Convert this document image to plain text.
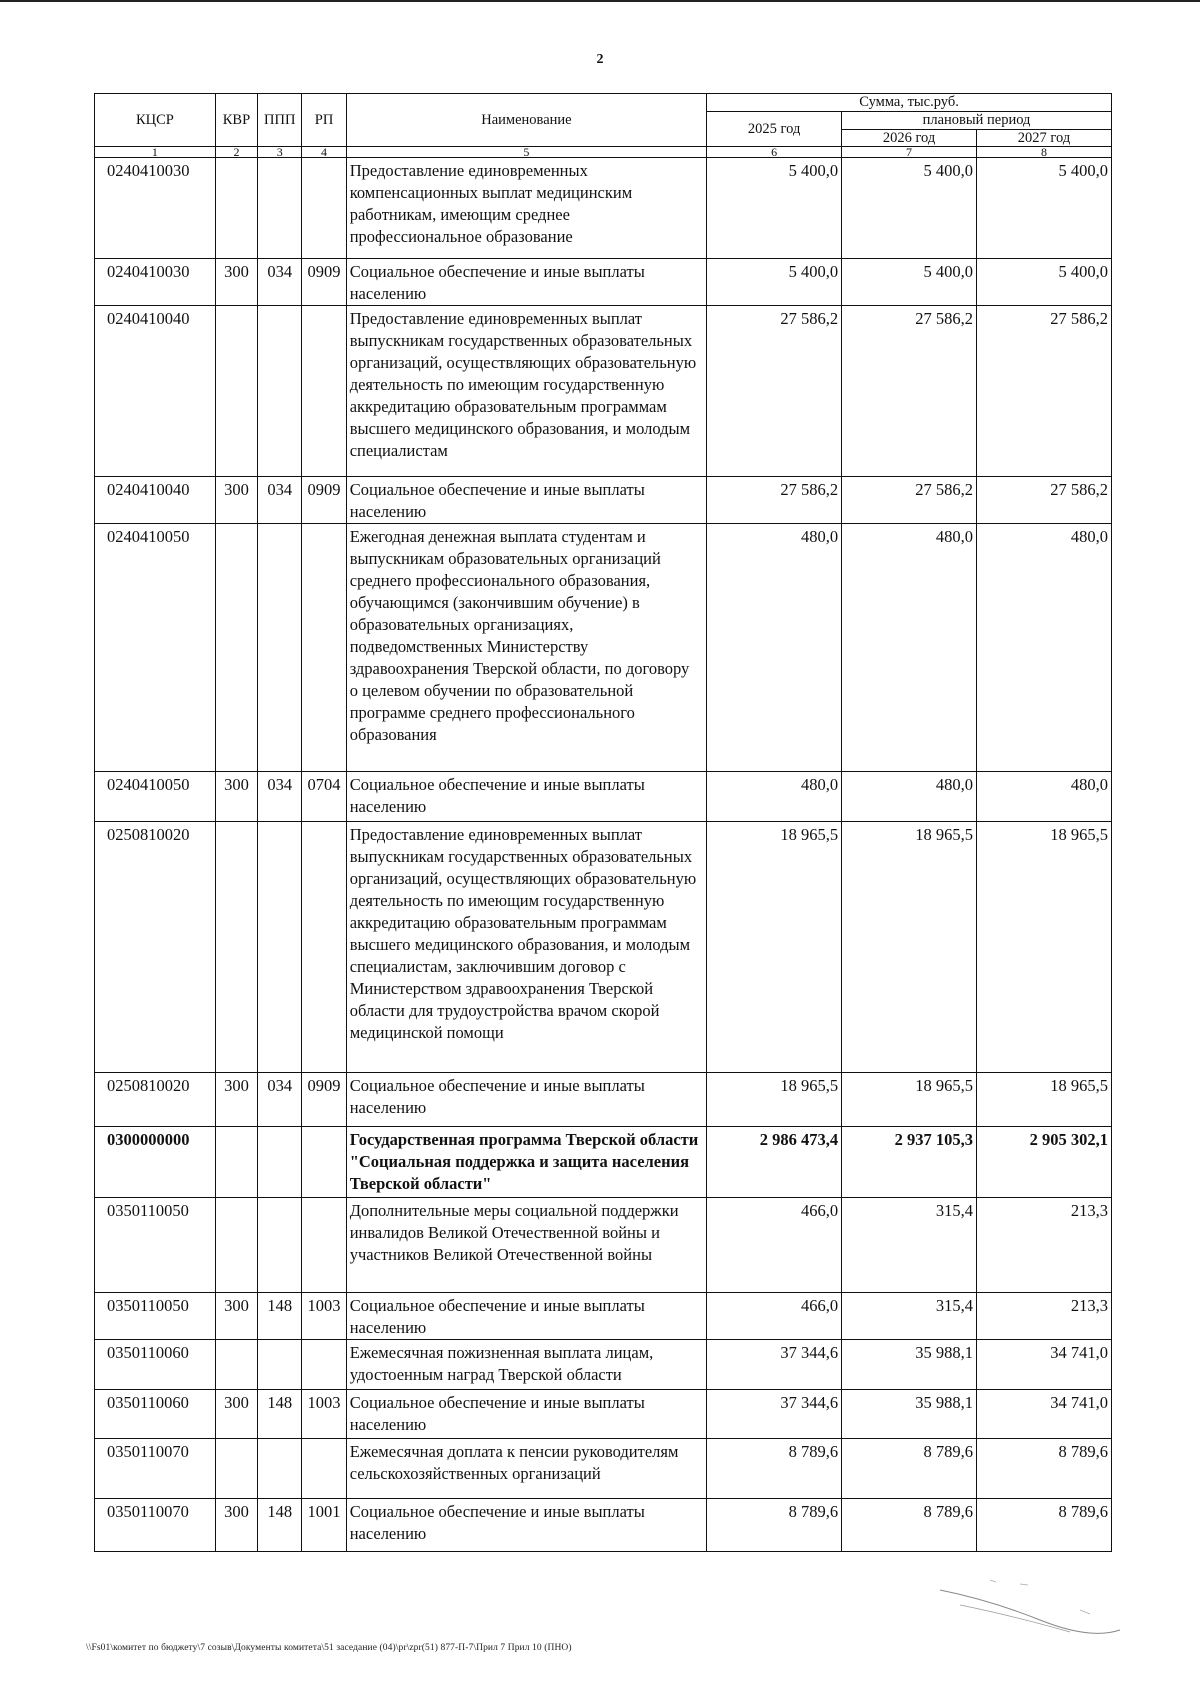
2
КЦСР	КВР	ППП	РП	Наименование	Сумма, тыс.руб.		
					2025 год	плановый период	
						2026 год	2027 год
1	2	3	4	5	6	7	8
0240410030				Предоставление единовременных компенсационных выплат медицинским работникам, имеющим среднее профессиональное образование	5 400,0	5 400,0	5 400,0
0240410030	300	034	0909	Социальное обеспечение и иные выплаты населению	5 400,0	5 400,0	5 400,0
0240410040				Предоставление единовременных выплат выпускникам государственных образовательных организаций, осуществляющих образовательную деятельность по имеющим государственную аккредитацию образовательным программам высшего медицинского образования, и молодым специалистам	27 586,2	27 586,2	27 586,2
0240410040	300	034	0909	Социальное обеспечение и иные выплаты населению	27 586,2	27 586,2	27 586,2
0240410050				Ежегодная денежная выплата студентам и выпускникам образовательных организаций среднего профессионального образования, обучающимся (закончившим обучение) в образовательных организациях, подведомственных Министерству здравоохранения Тверской области, по договору о целевом обучении по образовательной программе среднего профессионального образования	480,0	480,0	480,0
0240410050	300	034	0704	Социальное обеспечение и иные выплаты населению	480,0	480,0	480,0
0250810020				Предоставление единовременных выплат выпускникам государственных образовательных организаций, осуществляющих образовательную деятельность по имеющим государственную аккредитацию образовательным программам высшего медицинского образования, и молодым специалистам, заключившим договор с Министерством здравоохранения Тверской области для трудоустройства врачом скорой медицинской помощи	18 965,5	18 965,5	18 965,5
0250810020	300	034	0909	Социальное обеспечение и иные выплаты населению	18 965,5	18 965,5	18 965,5
0300000000				Государственная программа Тверской области "Социальная поддержка и защита населения Тверской области"	2 986 473,4	2 937 105,3	2 905 302,1
0350110050				Дополнительные меры социальной поддержки инвалидов Великой Отечественной войны и участников Великой Отечественной войны	466,0	315,4	213,3
0350110050	300	148	1003	Социальное обеспечение и иные выплаты населению	466,0	315,4	213,3
0350110060				Ежемесячная пожизненная выплата лицам, удостоенным наград Тверской области	37 344,6	35 988,1	34 741,0
0350110060	300	148	1003	Социальное обеспечение и иные выплаты населению	37 344,6	35 988,1	34 741,0
0350110070				Ежемесячная доплата к пенсии руководителям сельскохозяйственных организаций	8 789,6	8 789,6	8 789,6
0350110070	300	148	1001	Социальное обеспечение и иные выплаты населению	8 789,6	8 789,6	8 789,6
\\Fs01\комитет по бюджету\7 созыв\Документы комитета\51 заседание (04)\pr\zpr(51) 877-П-7\Прил 7 Прил 10 (ПНО)
